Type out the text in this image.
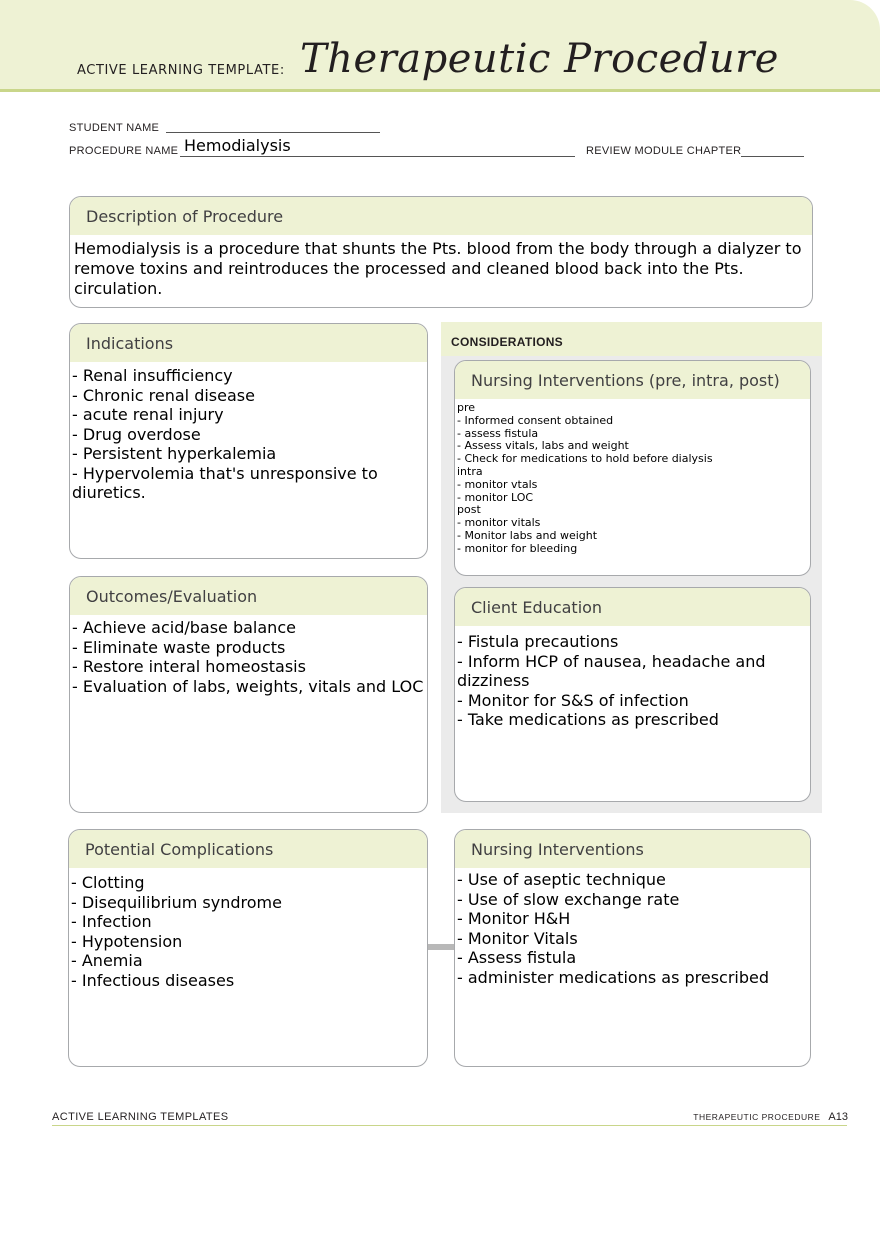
ACTIVE LEARNING TEMPLATE: Therapeutic Procedure
STUDENT NAME
PROCEDURE NAME Hemodialysis	REVIEW MODULE CHAPTER
Description of Procedure
Hemodialysis is a procedure that shunts the Pts. blood from the body through a dialyzer to
remove toxins and reintroduces the processed and cleaned blood back into the Pts. circulation.
Indications
- Renal insufficiency
- Chronic renal disease
- acute renal injury
- Drug overdose
- Persistent hyperkalemia
- Hypervolemia that's unresponsive to
diuretics.
CONSIDERATIONS
Nursing Interventions (pre, intra, post)
pre
- Informed consent obtained
- assess fistula
- Assess vitals, labs and weight
- Check for medications to hold before dialysis
intra
- monitor vtals
- monitor LOC
post
- monitor vitals
- Monitor labs and weight
- monitor for bleeding
Client Education
- Fistula precautions
- Inform HCP of nausea, headache and
dizziness
- Monitor for S&S of infection
- Take medications as prescribed
Outcomes/Evaluation
- Achieve acid/base balance
- Eliminate waste products
- Restore interal homeostasis
- Evaluation of labs, weights, vitals and LOC
Potential Complications
- Clotting
- Disequilibrium syndrome
- Infection
- Hypotension
- Anemia
- Infectious diseases
Nursing Interventions
- Use of aseptic technique
- Use of slow exchange rate
- Monitor H&H
- Monitor Vitals
- Assess fistula
- administer medications as prescribed
ACTIVE LEARNING TEMPLATES	THERAPEUTIC PROCEDURE A13
